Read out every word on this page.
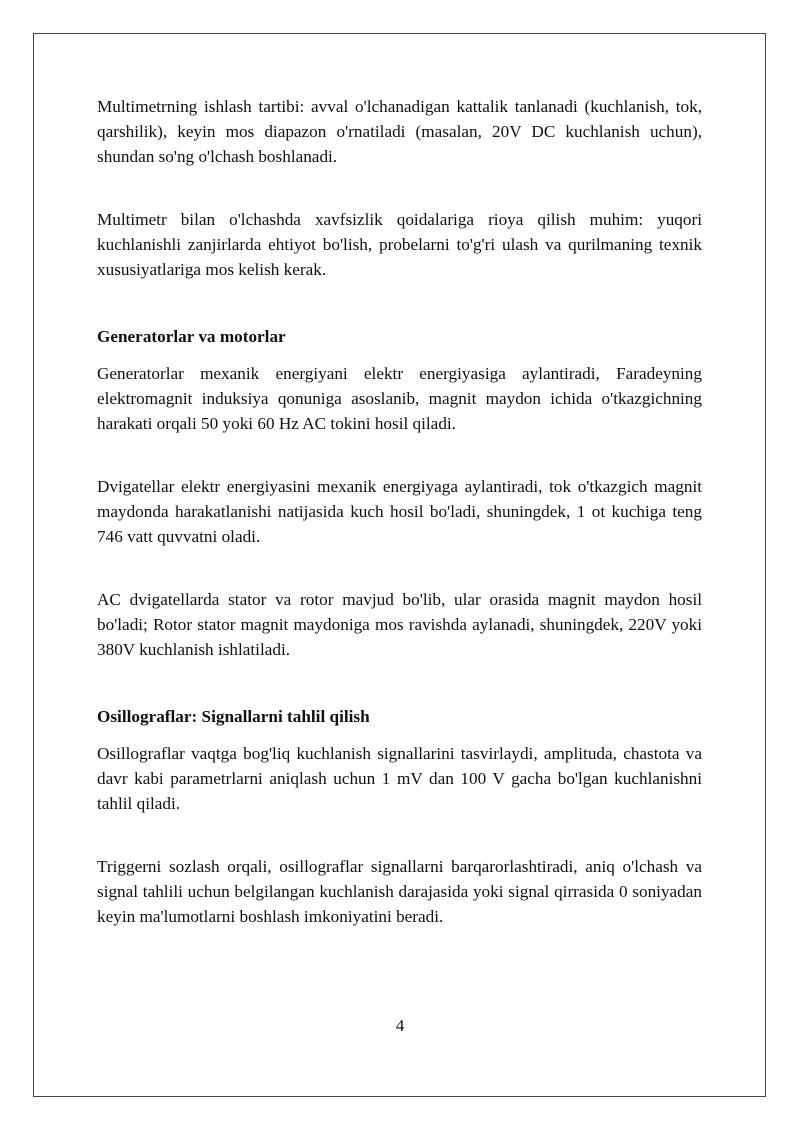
Multimetrning ishlash tartibi: avval o'lchanadigan kattalik tanlanadi (kuchlanish, tok, qarshilik), keyin mos diapazon o'rnatiladi (masalan, 20V DC kuchlanish uchun), shundan so'ng o'lchash boshlanadi.

Multimetr bilan o'lchashda xavfsizlik qoidalariga rioya qilish muhim: yuqori kuchlanishli zanjirlarda ehtiyot bo'lish, probelarni to'g'ri ulash va qurilmaning texnik xususiyatlariga mos kelish kerak.

Generatorlar va motorlar

Generatorlar mexanik energiyani elektr energiyasiga aylantiradi, Faradeyning elektromagnit induksiya qonuniga asoslanib, magnit maydon ichida o'tkazgichning harakati orqali 50 yoki 60 Hz AC tokini hosil qiladi.

Dvigatellar elektr energiyasini mexanik energiyaga aylantiradi, tok o'tkazgich magnit maydonda harakatlanishi natijasida kuch hosil bo'ladi, shuningdek, 1 ot kuchiga teng 746 vatt quvvatni oladi.

AC dvigatellarda stator va rotor mavjud bo'lib, ular orasida magnit maydon hosil bo'ladi; Rotor stator magnit maydoniga mos ravishda aylanadi, shuningdek, 220V yoki 380V kuchlanish ishlatiladi.

Osillograflar: Signallarni tahlil qilish

Osillograflar vaqtga bog'liq kuchlanish signallarini tasvirlaydi, amplituda, chastota va davr kabi parametrlarni aniqlash uchun 1 mV dan 100 V gacha bo'lgan kuchlanishni tahlil qiladi.

Triggerni sozlash orqali, osillograflar signallarni barqarorlashtiradi, aniq o'lchash va signal tahlili uchun belgilangan kuchlanish darajasida yoki signal qirrasida 0 soniyadan keyin ma'lumotlarni boshlash imkoniyatini beradi.

4
